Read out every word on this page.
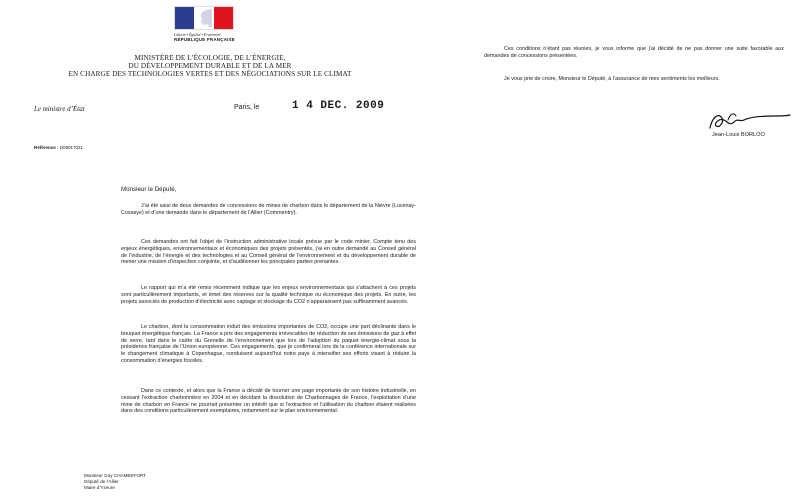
Liberté • Égalité • Fraternité
RÉPUBLIQUE FRANÇAISE
MINISTÈRE DE L’ÉCOLOGIE, DE L’ÉNERGIE,
DU DÉVELOPPEMENT DURABLE ET DE LA MER
EN CHARGE DES TECHNOLOGIES VERTES ET DES NÉGOCIATIONS SUR LE CLIMAT
Le ministre d’État	Paris, le	1 4 DEC. 2009
Référence : D09017021
Monsieur le Député,

J’ai été saisi de deux demandes de concessions de mines de charbon dans le département de la Nièvre (Lucenay-Cossaye) et d’une demande dans le département de l’Allier (Commentry).

Ces demandes ont fait l’objet de l’instruction administrative locale prévue par le code minier. Compte tenu des enjeux énergétiques, environnementaux et économiques des projets présentés, j’ai en outre demandé au Conseil général de l’industrie, de l’énergie et des technologies et au Conseil général de l’environnement et du développement durable de mener une mission d’inspection conjointe, et d’auditionner les principales parties prenantes.

Le rapport qui m’a été remis récemment indique que les enjeux environnementaux qui s’attachent à ces projets sont particulièrement importants, et émet des réserves sur la qualité technique ou économique des projets. En outre, les projets associés de production d’électricité avec captage et stockage du CO2 n’apparaissent pas suffisamment avancés.

Le charbon, dont la consommation induit des émissions importantes de CO2, occupe une part déclinante dans le bouquet énergétique français. La France a pris des engagements irrévocables de réduction de ses émissions de gaz à effet de serre, tant dans le cadre du Grenelle de l’environnement que lors de l’adoption du paquet énergie-climat sous la présidence française de l’Union européenne. Ces engagements, que je confirmerai lors de la conférence internationale sur le changement climatique à Copenhague, conduisent aujourd’hui notre pays à intensifier ses efforts visant à réduire la consommation d’énergies fossiles.

Dans ce contexte, et alors que la France a décidé de tourner une page importante de son histoire industrielle, en cessant l’extraction charbonnière en 2004 et en décidant la dissolution de Charbonnages de France, l’exploitation d’une mine de charbon en France ne pourrait présenter un intérêt que si l’extraction et l’utilisation du charbon étaient réalisées dans des conditions particulièrement exemplaires, notamment sur le plan environnemental.

Monsieur Guy CHAMBEFORT
Député de l’Allier
Maire d’Yzeure

Ces conditions n’étant pas réunies, je vous informe que j’ai décidé de ne pas donner une suite favorable aux demandes de concessions présentées.

Je vous prie de croire, Monsieur le Député, à l’assurance de mes sentiments les meilleurs.

Jean-Louis BORLOO
